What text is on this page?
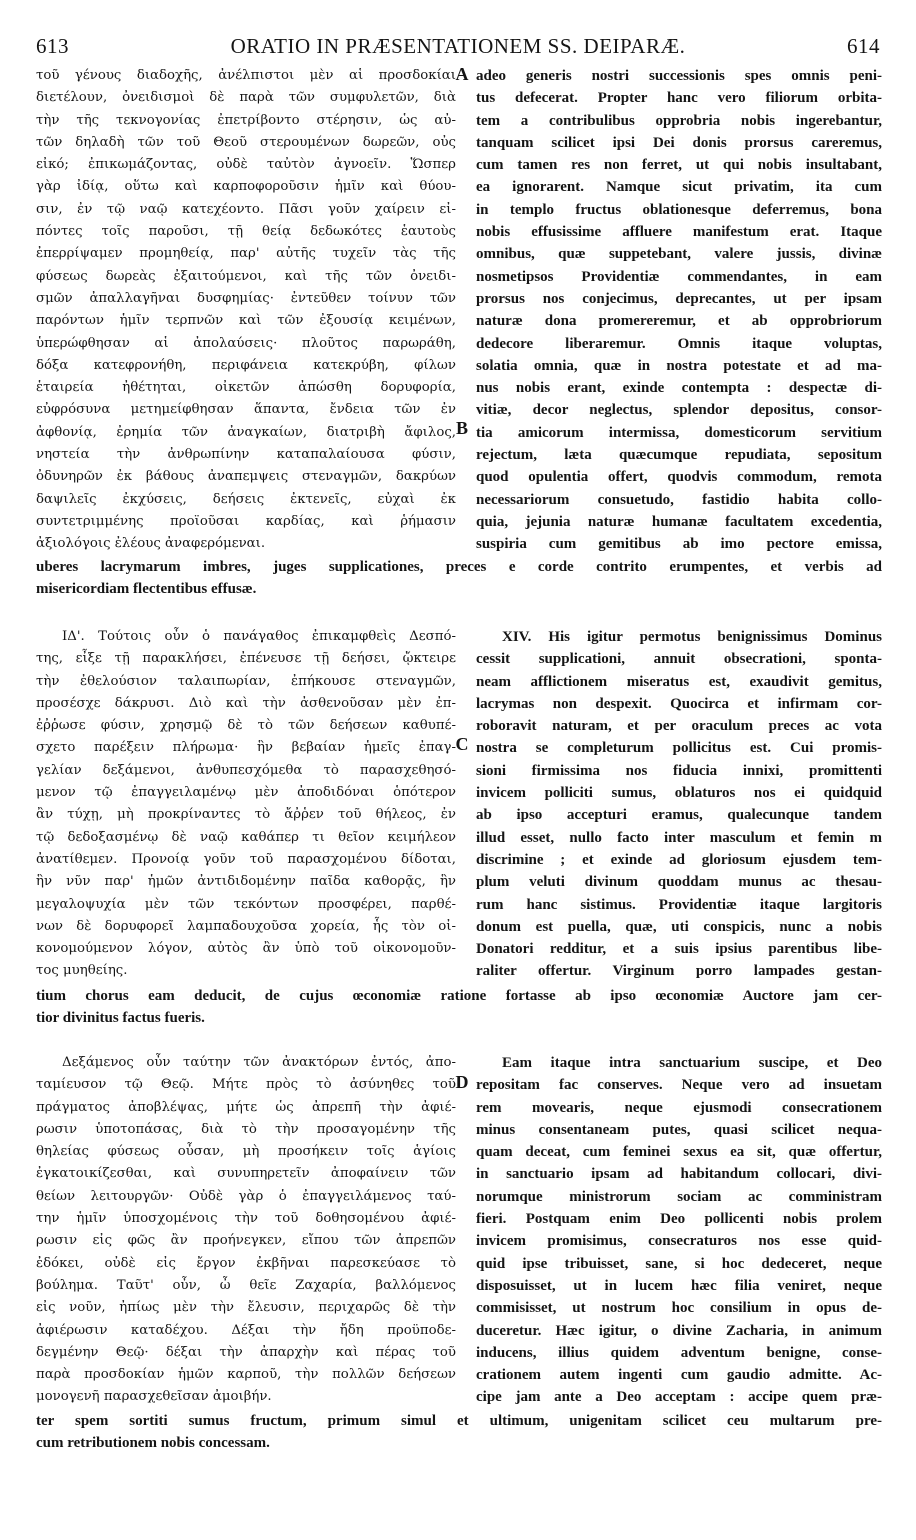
613	ORATIO IN PRÆSENTATIONEM SS. DEIPARÆ.	614
A
B
C
D
τοῦ γένους διαδοχῆς, ἀνέλπιστοι μὲν αἱ προσδοκίαι
διετέλουν, ὀνειδισμοὶ δὲ παρὰ τῶν συμφυλετῶν, διὰ
τὴν τῆς τεκνογονίας ἐπετρίβοντο στέρησιν, ὡς αὐ-
τῶν δηλαδὴ τῶν τοῦ Θεοῦ στερουμένων δωρεῶν, οὐς
εἰκό; ἐπικωμάζοντας, οὐδὲ ταὐτὸν ἀγνοεῖν. Ὥσπερ
γὰρ ἰδίᾳ, οὕτω καὶ καρποφοροῦσιν ἡμῖν καὶ θύου-
σιν, ἐν τῷ ναῷ κατεχέοντο. Πᾶσι γοῦν χαίρειν εἰ-
πόντες τοῖς παροῦσι, τῇ θείᾳ δεδωκότες ἑαυτοὺς
ἐπερρίψαμεν προμηθείᾳ, παρ' αὐτῆς τυχεῖν τὰς τῆς
φύσεως δωρεὰς ἐξαιτούμενοι, καὶ τῆς τῶν ὀνειδι-
σμῶν ἀπαλλαγῆναι δυσφημίας· ἐντεῦθεν τοίνυν τῶν
παρόντων ἡμῖν τερπνῶν καὶ τῶν ἐξουσίᾳ κειμένων,
ὑπερώφθησαν αἱ ἀπολαύσεις· πλοῦτος παρωράθη,
δόξα κατεφρονήθη, περιφάνεια κατεκρύβη, φίλων
ἑταιρεία ἠθέτηται, οἰκετῶν ἀπώσθη δορυφορία,
εὐφρόσυνα μετημείφθησαν ἅπαντα, ἔνδεια τῶν ἐν
ἀφθονίᾳ, ἐρημία τῶν ἀναγκαίων, διατριβὴ ἄφιλος,
νηστεία τὴν ἀνθρωπίνην καταπαλαίουσα φύσιν,
ὀδυνηρῶν ἐκ βάθους ἀναπεμψεις στεναγμῶν, δακρύων
δαψιλεῖς ἐκχύσεις, δεήσεις ἐκτενεῖς, εὐχαὶ ἐκ
συντετριμμένης προϊοῦσαι καρδίας, καὶ ῥήμασιν
ἀξιολόγοις ἐλέους ἀναφερόμεναι.
adeo generis nostri successionis spes omnis peni-
tus defecerat. Propter hanc vero filiorum orbita-
tem a contribulibus opprobria nobis ingerebantur,
tanquam scilicet ipsi Dei donis prorsus careremus,
cum tamen res non ferret, ut qui nobis insultabant,
ea ignorarent. Namque sicut privatim, ita cum
in templo fructus oblationesque deferremus, bona
nobis effusissime affluere manifestum erat. Itaque
omnibus, quæ suppetebant, valere jussis, divinæ
nosmetipsos Providentiæ commendantes, in eam
prorsus nos conjecimus, deprecantes, ut per ipsam
naturæ dona promereremur, et ab opprobriorum
dedecore liberaremur. Omnis itaque voluptas,
solatia omnia, quæ in nostra potestate et ad ma-
nus nobis erant, exinde contempta : despectæ di-
vitiæ, decor neglectus, splendor depositus, consor-
tia amicorum intermissa, domesticorum servitium
rejectum, læta quæcumque repudiata, sepositum
quod opulentia offert, quodvis commodum, remota
necessariorum consuetudo, fastidio habita collo-
quia, jejunia naturæ humanæ facultatem excedentia,
suspiria cum gemitibus ab imo pectore emissa,
uberes lacrymarum imbres, juges supplicationes, preces e corde contrito erumpentes, et verbis ad
misericordiam flectentibus effusæ.
ΙΔ'. Τούτοις οὖν ὁ πανάγαθος ἐπικαμφθεὶς Δεσπό-
της, εἶξε τῇ παρακλήσει, ἐπένευσε τῇ δεήσει, ᾤκτειρε
τὴν ἐθελούσιον ταλαιπωρίαν, ἐπήκουσε στεναγμῶν,
προσέσχε δάκρυσι. Διὸ καὶ τὴν ἀσθενοῦσαν μὲν ἐπ-
ἐῤῥωσε φύσιν, χρησμῷ δὲ τὸ τῶν δεήσεων καθυπέ-
σχετο παρέξειν πλήρωμα· ἣν βεβαίαν ἡμεῖς ἐπαγ-
γελίαν δεξάμενοι, ἀνθυπεσχόμεθα τὸ παρασχεθησό-
μενον τῷ ἐπαγγειλαμένῳ μὲν ἀποδιδόναι ὁπότερον
ἂν τύχῃ, μὴ προκρίναντες τὸ ἄῤῥεν τοῦ θήλεος, ἐν
τῷ δεδοξασμένῳ δὲ ναῷ καθάπερ τι θεῖον κειμήλεον
ἀνατίθεμεν. Προνοίᾳ γοῦν τοῦ παρασχομένου δίδοται,
ἣν νῦν παρ' ἡμῶν ἀντιδιδομένην παῖδα καθορᾷς, ἣν
μεγαλοψυχία μὲν τῶν τεκόντων προσφέρει, παρθέ-
νων δὲ δορυφορεῖ λαμπαδουχοῦσα χορεία, ἧς τὸν οἰ-
κονομούμενον λόγον, αὐτὸς ἂν ὑπὸ τοῦ οἰκονομοῦν-
τος μυηθείης.
XIV. His igitur permotus benignissimus Dominus
cessit supplicationi, annuit obsecrationi, sponta-
neam afflictionem miseratus est, exaudivit gemitus,
lacrymas non despexit. Quocirca et infirmam cor-
roboravit naturam, et per oraculum preces ac vota
nostra se completurum pollicitus est. Cui promis-
sioni firmissima nos fiducia innixi, promittenti
invicem polliciti sumus, oblaturos nos ei quidquid
ab ipso accepturi eramus, qualecunque tandem
illud esset, nullo facto inter masculum et femin m
discrimine ; et exinde ad gloriosum ejusdem tem-
plum veluti divinum quoddam munus ac thesau-
rum hanc sistimus. Providentiæ itaque largitoris
donum est puella, quæ, uti conspicis, nunc a nobis
Donatori redditur, et a suis ipsius parentibus libe-
raliter offertur. Virginum porro lampades gestan-
tium chorus eam deducit, de cujus œconomiæ ratione fortasse ab ipso œconomiæ Auctore jam cer-
tior divinitus factus fueris.
Δεξάμενος οὖν ταύτην τῶν ἀνακτόρων ἐντός, ἀπο-
ταμίευσον τῷ Θεῷ. Μήτε πρὸς τὸ ἀσύνηθες τοῦ
πράγματος ἀποβλέψας, μήτε ὡς ἀπρεπῆ τὴν ἀφιέ-
ρωσιν ὑποτοπάσας, διὰ τὸ τὴν προσαγομένην τῆς
θηλείας φύσεως οὖσαν, μὴ προσήκειν τοῖς ἁγίοις
ἐγκατοικίζεσθαι, καὶ συνυπηρετεῖν ἀποφαίνειν τῶν
θείων λειτουργῶν· Οὐδὲ γὰρ ὁ ἐπαγγειλάμενος ταύ-
την ἡμῖν ὑποσχομένοις τὴν τοῦ δοθησομένου ἀφιέ-
ρωσιν εἰς φῶς ἂν προήνεγκεν, εἴπου τῶν ἀπρεπῶν
ἐδόκει, οὐδὲ εἰς ἔργον ἐκβῆναι παρεσκεύασε τὸ
βούλημα. Ταῦτ' οὖν, ὦ θεῖε Ζαχαρία, βαλλόμενος
εἰς νοῦν, ἠπίως μὲν τὴν ἔλευσιν, περιχαρῶς δὲ τὴν
ἀφιέρωσιν καταδέχου. Δέξαι τὴν ἤδη προϋποδε-
δεγμένην Θεῷ· δέξαι τὴν ἀπαρχὴν καὶ πέρας τοῦ
παρὰ προσδοκίαν ἡμῶν καρποῦ, τὴν πολλῶν δεήσεων
μονογενῆ παρασχεθεῖσαν ἀμοιβήν.
Eam itaque intra sanctuarium suscipe, et Deo
repositam fac conserves. Neque vero ad insuetam
rem movearis, neque ejusmodi consecrationem
minus consentaneam putes, quasi scilicet nequa-
quam deceat, cum feminei sexus ea sit, quæ offertur,
in sanctuario ipsam ad habitandum collocari, divi-
norumque ministrorum sociam ac comministram
fieri. Postquam enim Deo pollicenti nobis prolem
invicem promisimus, consecraturos nos esse quid-
quid ipse tribuisset, sane, si hoc dedeceret, neque
disposuisset, ut in lucem hæc filia veniret, neque
commisisset, ut nostrum hoc consilium in opus de-
duceretur. Hæc igitur, o divine Zacharia, in animum
inducens, illius quidem adventum benigne, conse-
crationem autem ingenti cum gaudio admitte. Ac-
cipe jam ante a Deo acceptam : accipe quem præ-
ter spem sortiti sumus fructum, primum simul et ultimum, unigenitam scilicet ceu multarum pre-
cum retributionem nobis concessam.
